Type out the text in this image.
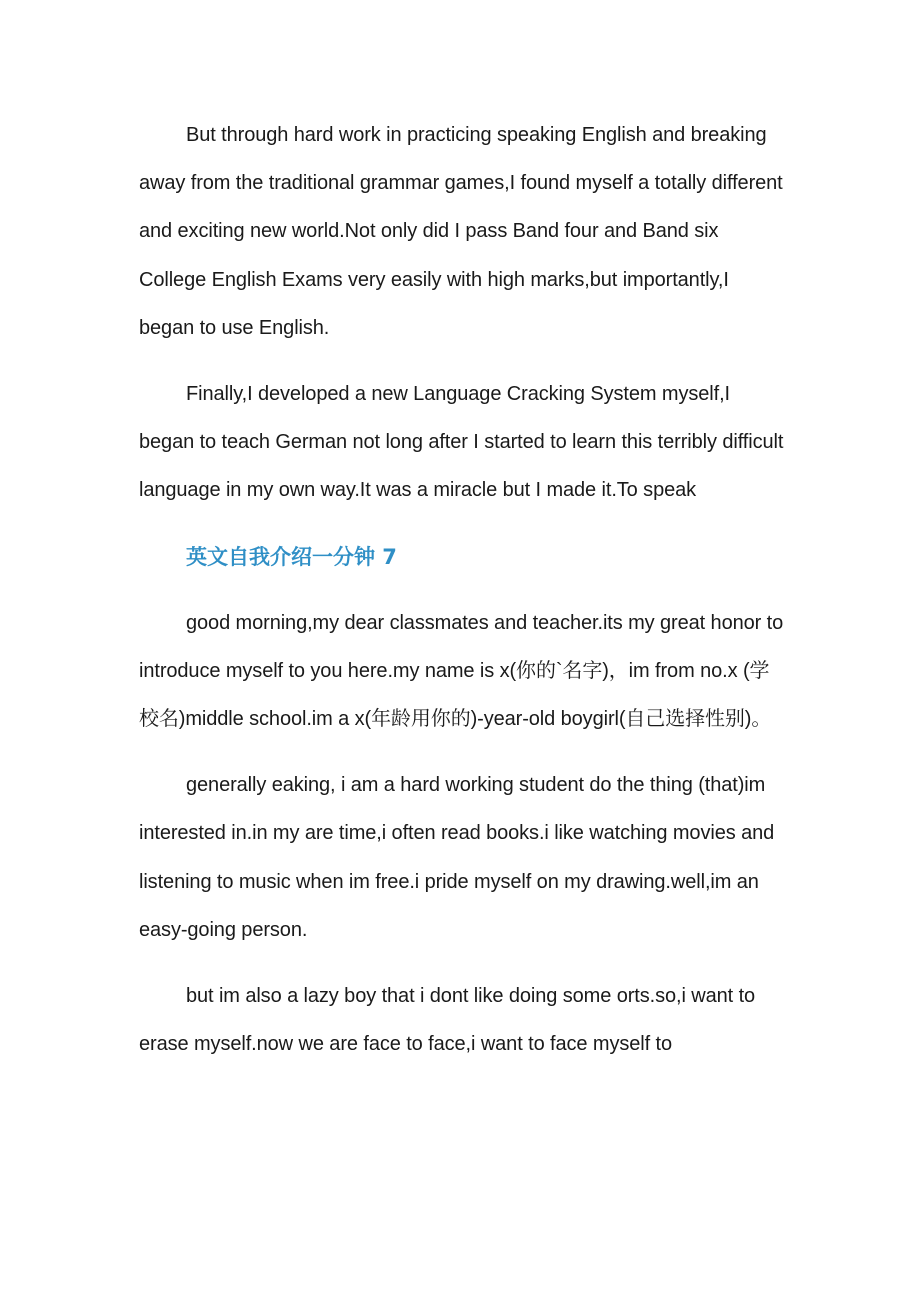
But through hard work in practicing speaking English and breaking away from the traditional grammar games,I found myself a totally different and exciting new world.Not only did I pass Band four and Band six College English Exams very easily with high marks,but importantly,I began to use English.

Finally,I developed a new Language Cracking System myself,I began to teach German not long after I started to learn this terribly difficult language in my own way.It was a miracle but I made it.To speak

英文自我介绍一分钟 7

good morning,my dear classmates and teacher.its my great honor to introduce myself to you here.my name is x(你的`名字)，im from no.x (学校名)middle school.im a x(年龄用你的)-year-old boygirl(自己选择性别)。

generally eaking, i am a hard working student do the thing (that)im interested in.in my are time,i often read books.i like watching movies and listening to music when im free.i pride myself on my drawing.well,im an easy-going person.

but im also a lazy boy that i dont like doing some orts.so,i want to erase myself.now we are face to face,i want to face myself to
